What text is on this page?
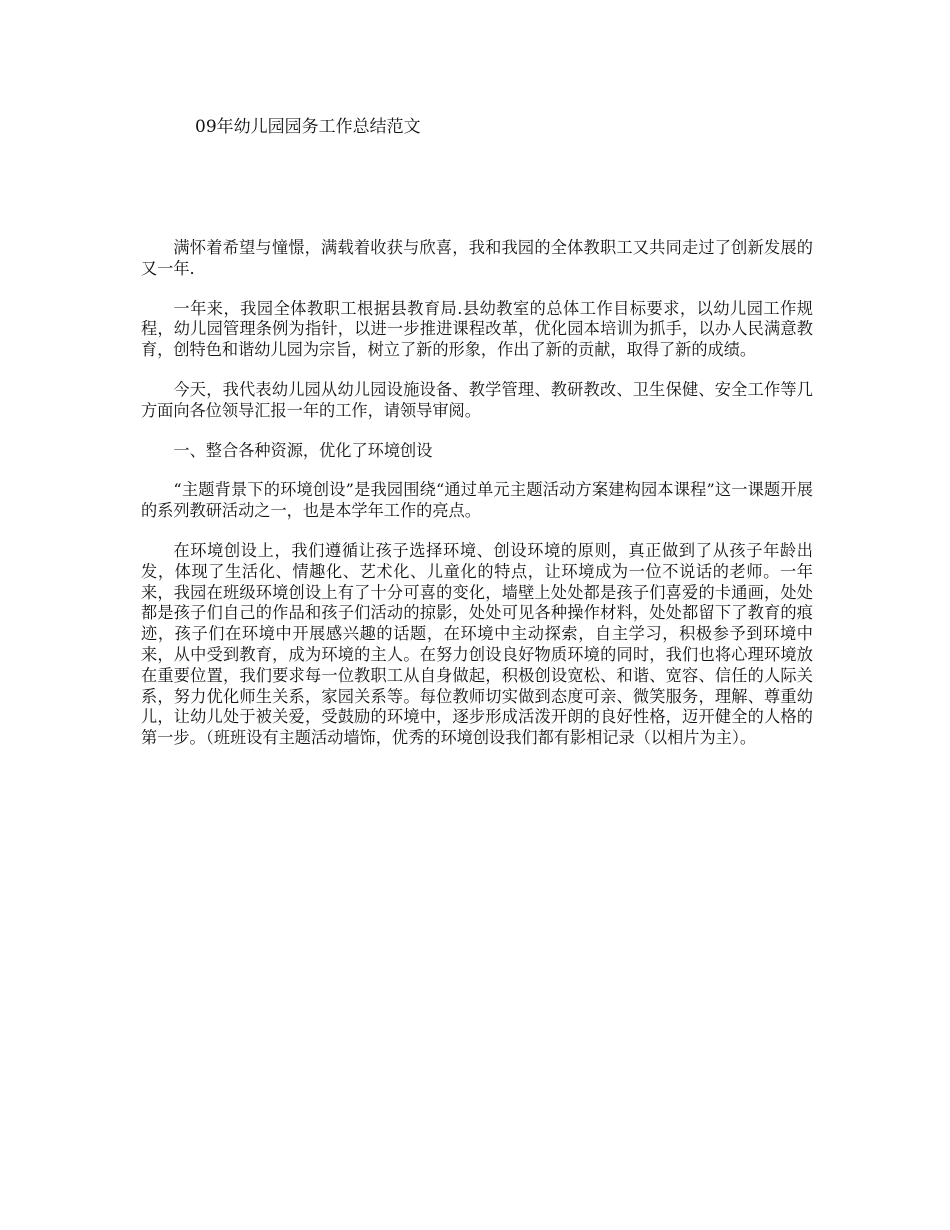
09年幼儿园园务工作总结范文

满怀着希望与憧憬，满载着收获与欣喜，我和我园的全体教职工又共同走过了创新发展的又一年.

一年来，我园全体教职工根据县教育局.县幼教室的总体工作目标要求，以幼儿园工作规程，幼儿园管理条例为指针，以进一步推进课程改革，优化园本培训为抓手，以办人民满意教育，创特色和谐幼儿园为宗旨，树立了新的形象，作出了新的贡献，取得了新的成绩。

今天，我代表幼儿园从幼儿园设施设备、教学管理、教研教改、卫生保健、安全工作等几方面向各位领导汇报一年的工作，请领导审阅。

一、整合各种资源，优化了环境创设

“主题背景下的环境创设”是我园围绕“通过单元主题活动方案建构园本课程”这一课题开展的系列教研活动之一，也是本学年工作的亮点。

在环境创设上，我们遵循让孩子选择环境、创设环境的原则，真正做到了从孩子年龄出发，体现了生活化、情趣化、艺术化、儿童化的特点，让环境成为一位不说话的老师。一年来，我园在班级环境创设上有了十分可喜的变化，墙壁上处处都是孩子们喜爱的卡通画，处处都是孩子们自己的作品和孩子们活动的掠影，处处可见各种操作材料，处处都留下了教育的痕迹，孩子们在环境中开展感兴趣的话题，在环境中主动探索，自主学习，积极参予到环境中来，从中受到教育，成为环境的主人。在努力创设良好物质环境的同时，我们也将心理环境放在重要位置，我们要求每一位教职工从自身做起，积极创设宽松、和谐、宽容、信任的人际关系，努力优化师生关系，家园关系等。每位教师切实做到态度可亲、微笑服务，理解、尊重幼儿，让幼儿处于被关爱，受鼓励的环境中，逐步形成活泼开朗的良好性格，迈开健全的人格的第一步。（班班设有主题活动墙饰，优秀的环境创设我们都有影相记录（以相片为主）。
